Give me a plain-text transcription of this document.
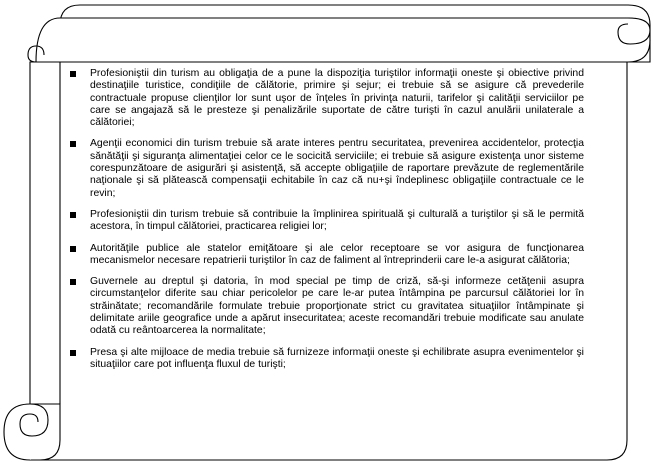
Profesioniştii din turism au obligaţia de a pune la dispoziţia turiştilor informaţii oneste şi obiective privind destinaţiile turistice, condiţiile de călătorie, primire şi sejur; ei trebuie să se asigure că prevederile contractuale propuse clienţilor lor sunt uşor de înţeles în privinţa naturii, tarifelor şi calităţii serviciilor pe care se angajază să le presteze şi penalizările suportate de către turişti în cazul anulării unilaterale a călătoriei;
Agenţii economici din turism trebuie să arate interes pentru securitatea, prevenirea accidentelor, protecţia sănătăţii şi siguranţa alimentaţiei celor ce le socicită serviciile; ei trebuie să asigure existenţa unor sisteme corespunzătoare de asigurări şi asistenţă, să accepte obligaţiile de raportare prevăzute de reglementările naţionale şi să plătească compensaţii echitabile în caz că nu+şi îndeplinesc obligaţiile contractuale ce le revin;
Profesioniştii din turism trebuie să contribuie la împlinirea spirituală şi culturală a turiştilor şi să le permită acestora, în timpul călătoriei, practicarea religiei lor;
Autorităţile publice ale statelor emiţătoare şi ale celor receptoare se vor asigura de funcţionarea mecanismelor necesare repatrierii turiştilor în caz de faliment al întreprinderii care le-a asigurat călătoria;
Guvernele au dreptul şi datoria, în mod special pe timp de criză, să-şi informeze cetăţenii asupra circumstanţelor diferite sau chiar pericolelor pe care le-ar putea întâmpina pe parcursul călătoriei lor în străinătate; recomandările formulate trebuie proporţionate strict cu gravitatea situaţiilor întâmpinate şi delimitate ariile geografice unde a apărut insecuritatea; aceste recomandări trebuie modificate sau anulate odată cu reântoarcerea la normalitate;
Presa şi alte mijloace de media trebuie să furnizeze informaţii oneste şi echilibrate asupra evenimentelor şi situaţiilor care pot influenţa fluxul de turişti;
